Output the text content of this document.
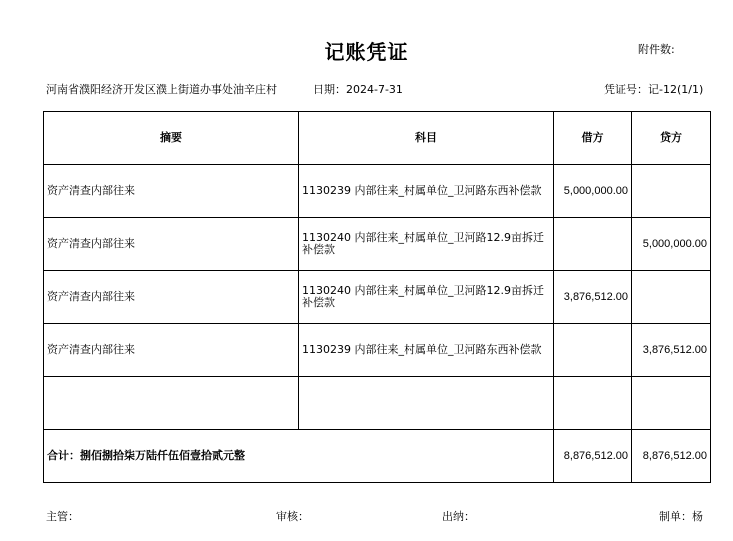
记账凭证	附件数:
河南省濮阳经济开发区濮上街道办事处油辛庄村	日期：2024-7-31	凭证号：记-12(1/1)
摘要	科目	借方	贷方
资产清查内部往来	1130239 内部往来_村属单位_卫河路东西补偿款	5,000,000.00	
资产清查内部往来	1130240 内部往来_村属单位_卫河路12.9亩拆迁补偿款		5,000,000.00
资产清查内部往来	1130240 内部往来_村属单位_卫河路12.9亩拆迁补偿款	3,876,512.00	
资产清查内部往来	1130239 内部往来_村属单位_卫河路东西补偿款		3,876,512.00

合计：捌佰捌拾柒万陆仟伍佰壹拾贰元整		8,876,512.00	8,876,512.00
主管：	审核：	出纳：	制单：杨
